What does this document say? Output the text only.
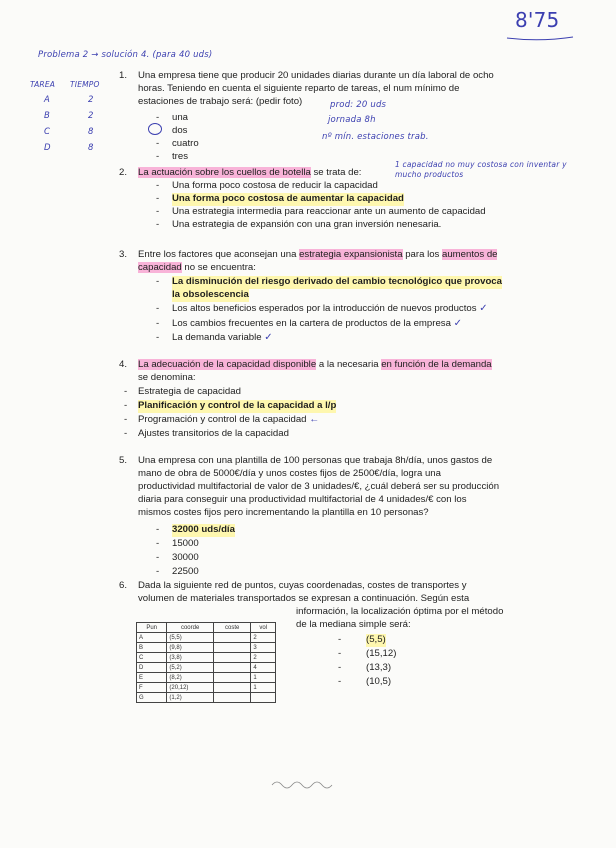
8'75
Problema 2 → solución 4. (para 40 uds)
TAREA TIEMPO
A	2
B	2
C	8
D	8
1. Una empresa tiene que producir 20 unidades diarias durante un día laboral de ocho
horas. Teniendo en cuenta el siguiente reparto de tareas, el num mínimo de
estaciones de trabajo será: (pedir foto)
- una
dos
- cuatro
- tres
prod: 20 uds
jornada 8h
nº mín. estaciones trab.
2. La actuación sobre los cuellos de botella se trata de:
1 capacidad no muy costosa con inventar y mucho productos
- Una forma poco costosa de reducir la capacidad
- Una forma poco costosa de aumentar la capacidad
- Una estrategia intermedia para reaccionar ante un aumento de capacidad
- Una estrategia de expansión con una gran inversión nenesaria.
3. Entre los factores que aconsejan una estrategia expansionista para los aumentos de
capacidad no se encuentra:
- La disminución del riesgo derivado del cambio tecnológico que provoca
la obsolescencia
- Los altos beneficios esperados por la introducción de nuevos productos ✓
- Los cambios frecuentes en la cartera de productos de la empresa ✓
- La demanda variable ✓
4. La adecuación de la capacidad disponible a la necesaria en función de la demanda
se denomina:
- Estrategia de capacidad
- Planificación y control de la capacidad a l/p
- Programación y control de la capacidad ←
- Ajustes transitorios de la capacidad
5. Una empresa con una plantilla de 100 personas que trabaja 8h/día, unos gastos de
mano de obra de 5000€/día y unos costes fijos de 2500€/día, logra una
productividad multifactorial de valor de 3 unidades/€, ¿cuál deberá ser su producción
diaria para conseguir una productividad multifactorial de 4 unidades/€ con los
mismos costes fijos pero incrementando la plantilla en 10 personas?
- 32000 uds/día
- 15000
- 30000
- 22500
6. Dada la siguiente red de puntos, cuyas coordenadas, costes de transportes y
volumen de materiales transportados se expresan a continuación. Según esta
información, la localización óptima por el método
de la mediana simple será:
Pun	coorde	coste	vol
A	(5,5)		2
B	(9,8)		3
C	(3,8)		2
D	(5,2)		4
E	(8,2)		1
F	(20,12)		1
G	(1,2)		
-	(5,5)
-	(15,12)
-	(13,3)
-	(10,5)
